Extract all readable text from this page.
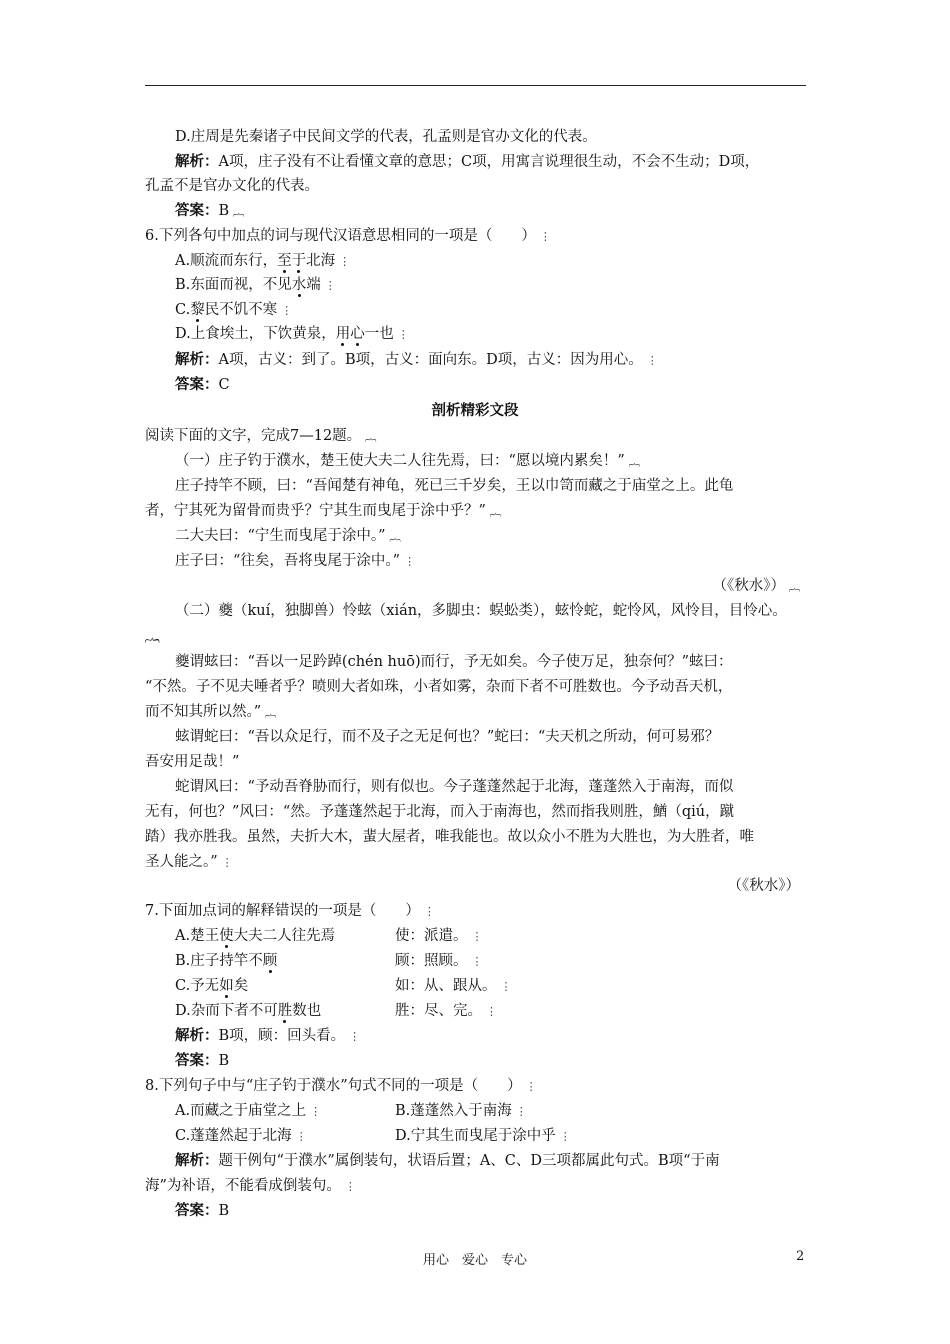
D.庄周是先秦诸子中民间文学的代表，孔孟则是官办文化的代表。
解析：A项，庄子没有不让看懂文章的意思；C项，用寓言说理很生动，不会不生动；D项，
孔孟不是官办文化的代表。
答案：B ︷
6.下列各句中加点的词与现代汉语意思相同的一项是（　　） ⋮
A.顺流而东行，至于北海 ⋮
B.东面而视，不见水端 ⋮
C.黎民不饥不寒 ⋮
D.上食埃土，下饮黄泉，用心一也 ⋮
解析：A项，古义：到了。B项，古义：面向东。D项，古义：因为用心。 ⋮
答案：C
剖析精彩文段
阅读下面的文字，完成7—12题。 ︷
（一）庄子钓于濮水，楚王使大夫二人往先焉，曰：“愿以境内累矣！” ︷
庄子持竿不顾，曰：“吾闻楚有神龟，死已三千岁矣，王以巾笥而藏之于庙堂之上。此龟
者，宁其死为留骨而贵乎？宁其生而曳尾于涂中乎？” ︷
二大夫曰：“宁生而曳尾于涂中。” ︷
庄子曰：“往矣，吾将曳尾于涂中。” ⋮
（《秋水》） ︷
（二）夔（kuí，独脚兽）怜蚿（xián，多脚虫：蜈蚣类），蚿怜蛇，蛇怜风，风怜目，目怜心。
︷
夔谓蚿曰：“吾以一足趻踔(chén huō)而行，予无如矣。今子使万足，独奈何？”蚿曰：
“不然。子不见夫唾者乎？喷则大者如珠，小者如雾，杂而下者不可胜数也。今予动吾天机，
而不知其所以然。” ︷
蚿谓蛇曰：“吾以众足行，而不及子之无足何也？”蛇曰：“夫天机之所动，何可易邪？
吾安用足哉！”
蛇谓风曰：“予动吾脊胁而行，则有似也。今子蓬蓬然起于北海，蓬蓬然入于南海，而似
无有，何也？”风曰：“然。予蓬蓬然起于北海，而入于南海也，然而指我则胜，鰌（qiú，蹴
踏）我亦胜我。虽然，夫折大木，蜚大屋者，唯我能也。故以众小不胜为大胜也，为大胜者，唯
圣人能之。” ⋮
（《秋水》）
7.下面加点词的解释错误的一项是（　　） ⋮
A.楚王使大夫二人往先焉	使：派遣。 ⋮
B.庄子持竿不顾	顾：照顾。 ⋮
C.予无如矣	如：从、跟从。 ⋮
D.杂而下者不可胜数也	胜：尽、完。 ⋮
解析：B项，顾：回头看。 ⋮
答案：B
8.下列句子中与“庄子钓于濮水”句式不同的一项是（　　） ⋮
A.而藏之于庙堂之上 ⋮	B.蓬蓬然入于南海 ⋮
C.蓬蓬然起于北海 ⋮	D.宁其生而曳尾于涂中乎 ⋮
解析：题干例句“于濮水”属倒装句，状语后置；A、C、D三项都属此句式。B项“于南
海”为补语，不能看成倒装句。 ⋮
答案：B
用心　爱心　专心	2
